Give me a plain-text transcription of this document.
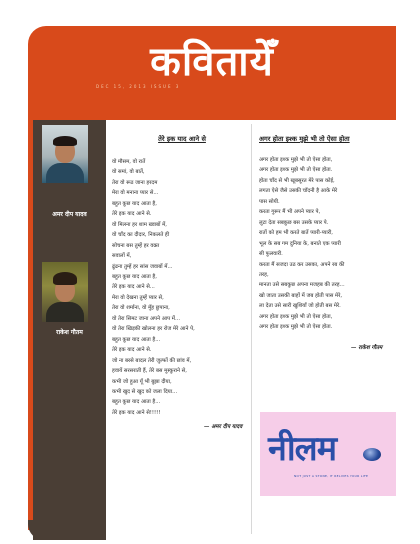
कवितायेँ
DEC 15, 2013 ISSUE 3
अमर दीप यादव
राकेश गौतम
तेरे इक याद आने से
वो मौसम, वो रातें
वो समां, वो बातें,
तेरा वो रूठ जाना हरदम
मेरा वो मनाना प्यार से...
बहुत कुछ याद आता है,
तेरे इक याद आने से.
वो मिलना हर शाम ख्वाबों में,
वो चाँद का दीदार, निकलते ही
सोचना बस तुम्हें हर वक़्त
सवालों में,
ढूंढना तुम्हें हर सांस जवाबों में...
बहुत कुछ याद आता है,
तेरे इक याद आने से...
मेरा वो देखना तुम्हें प्यार से,
तेरा वो शर्माना, वो मुँह छुपाना,
वो तेरा सिमट जाना अपने आप में...
वो तेरा खिड़की खोलना हर रोज मेरे आने पे,
बहुत कुछ याद आता है...
तेरे इक याद आने से.
जो ना बरसे बादल तेरी जुल्फों की छांव में,
हवायें सरसराती हैं, तेरे बस मुस्कुराने से,
कभी जो हुआ यूँ भी बुझा दीया,
कभी खुद से खुद को जला दिया...
बहुत कुछ याद आता है...
तेरे इक याद आने से!!!!!
— अमर दीप यादव
अगर होता इश्क मुझे भी तो ऐसा होता
अगर होता इश्क मुझे भी तो ऐसा होता,
अगर होता इश्क मुझे भी तो ऐसा होता.
होता चाँद से भी खूबसूरत मेरे पास कोई,
लगता ऐसे जैसे उसकी चाँदनी है आके मेरे
पास सोयी.
करता गुरूर मैं भी अपने प्यार पे,
लुटा देता सबकुछ बस उसके प्यार पे.
रातों को हम भी करते बातें प्यारी-प्यारी,
भूल के सब गम दुनिया के, बनाते एक प्यारी
सी फुलवारी.
करता मैं सजदा उठ कर उसका, अपने रब की
तरह,
मानता उसे सबकुछ अपना मजहब की तरह...
खो जाता उसकी बाहों में जब होती पास मेरे,
ला देता उसे सारी खुशियाँ जो होती बस मेरे.
अगर होता इश्क मुझे भी तो ऐसा होता,
अगर होता इश्क मुझे भी तो ऐसा होता.
— राकेश गौतम
नीलम
NOT JUST A STONE, IT RELIVES YOUR LIFE
